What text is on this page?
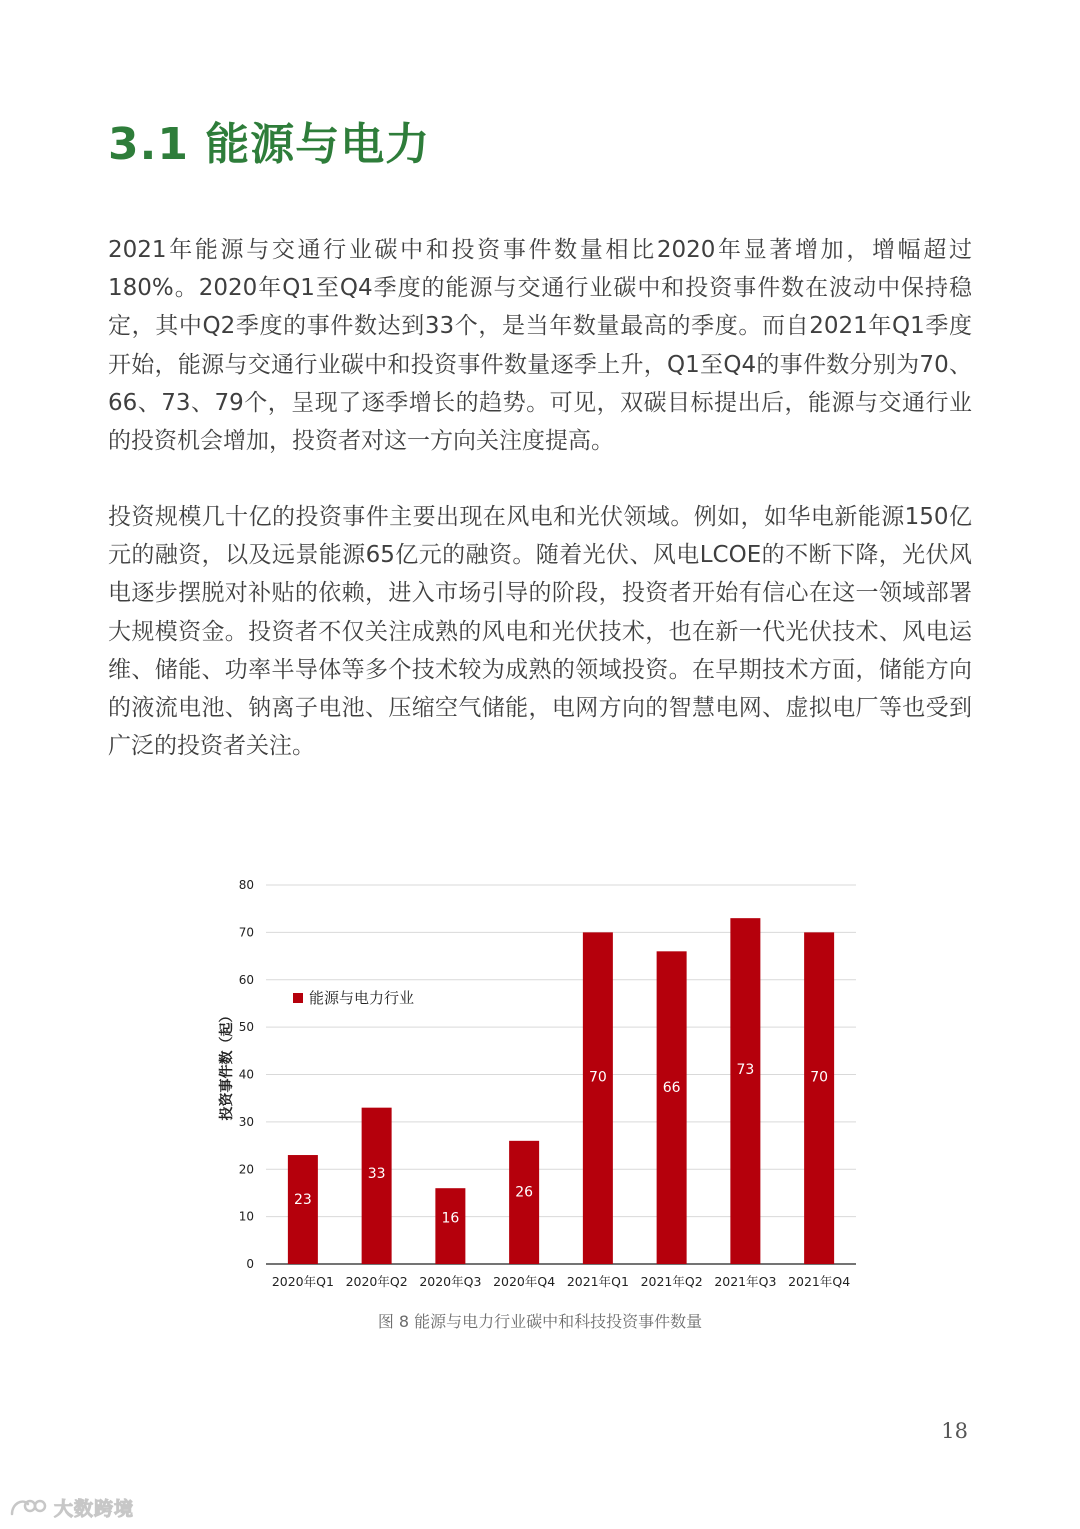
3.1 能源与电力

2021年能源与交通行业碳中和投资事件数量相比2020年显著增加，增幅超过180%。2020年Q1至Q4季度的能源与交通行业碳中和投资事件数在波动中保持稳定，其中Q2季度的事件数达到33个，是当年数量最高的季度。而自2021年Q1季度开始，能源与交通行业碳中和投资事件数量逐季上升，Q1至Q4的事件数分别为70、66、73、79个，呈现了逐季增长的趋势。可见，双碳目标提出后，能源与交通行业的投资机会增加，投资者对这一方向关注度提高。

投资规模几十亿的投资事件主要出现在风电和光伏领域。例如，如华电新能源150亿元的融资，以及远景能源65亿元的融资。随着光伏、风电LCOE的不断下降，光伏风电逐步摆脱对补贴的依赖，进入市场引导的阶段，投资者开始有信心在这一领域部署大规模资金。投资者不仅关注成熟的风电和光伏技术，也在新一代光伏技术、风电运维、储能、功率半导体等多个技术较为成熟的领域投资。在早期技术方面，储能方向的液流电池、钠离子电池、压缩空气储能，电网方向的智慧电网、虚拟电厂等也受到广泛的投资者关注。

0
10
20
30
40
50
60
70
80
投资事件数（起）
23
2020年Q1
33
2020年Q2
16
2020年Q3
26
2020年Q4
70
2021年Q1
66
2021年Q2
73
2021年Q3
70
2021年Q4
能源与电力行业

图 8 能源与电力行业碳中和科技投资事件数量

18
大数跨境
